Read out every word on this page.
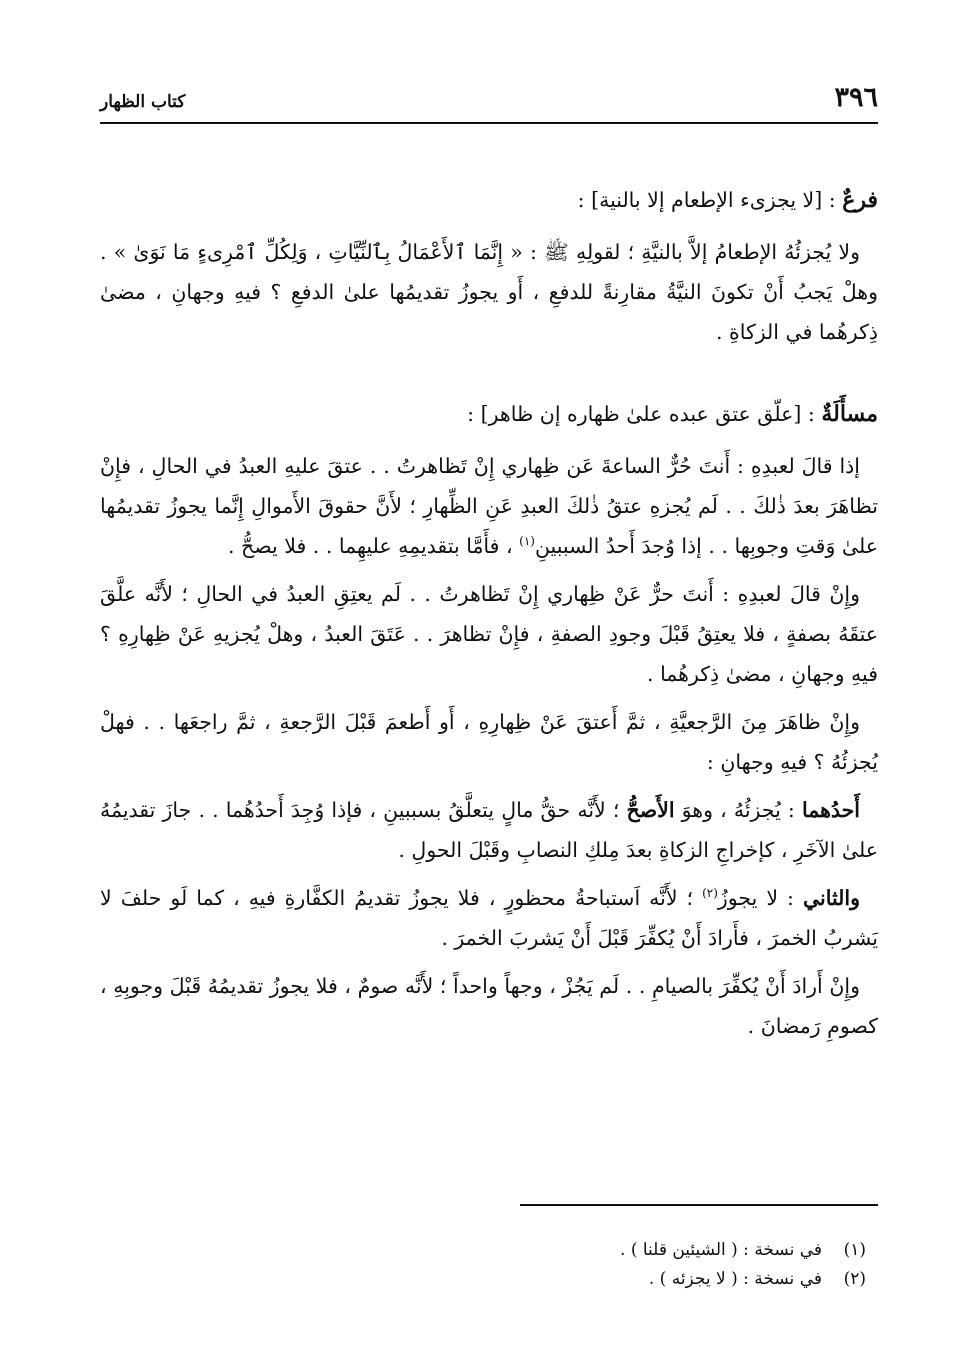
٣٩٦
كتاب الظهار

فرعٌ : [لا يجزىء الإطعام إلا بالنية] :

ولا يُجزئُهُ الإطعامُ إلاَّ بالنيَّةِ ؛ لقولِهِ ﷺ : « إِنَّمَا ٱلأَعْمَالُ بِٱلنِّيَّاتِ ، وَلِكُلِّ ٱمْرِىءٍ مَا نَوَىٰ » . وهلْ يَجبُ أَنْ تكونَ النيَّةُ مقارِنةً للدفعِ ، أَو يجوزُ تقديمُها علىٰ الدفعِ ؟ فيهِ وجهانِ ، مضىٰ ذِكرهُما في الزكاةِ .

مسأَلَةٌ : [علّق عتق عبده علىٰ ظهاره إن ظاهر] :

إذا قالَ لعبدِهِ : أَنتَ حُرٌّ الساعةَ عَن ظِهاري إِنْ تَظاهرتُ . . عتقَ عليهِ العبدُ في الحالِ ، فإِنْ تظاهَرَ بعدَ ذٰلكَ . . لَم يُجزهِ عتقُ ذٰلكَ العبدِ عَنِ الظِّهارِ ؛ لأَنَّ حقوقَ الأَموالِ إِنَّما يجوزُ تقديمُها علىٰ وَقتِ وجوبِها . . إذا وُجدَ أَحدُ السببينِ$^{(١)}$ ، فأَمَّا بتقديمِهِ عليهِما . . فلا يصحُّ .

وإِنْ قالَ لعبدِهِ : أَنتَ حرٌّ عَنْ ظِهاري إِنْ تَظاهرتُ . . لَم يعتِقِ العبدُ في الحالِ ؛ لأَنَّه علَّقَ عتقَهُ بصفةٍ ، فلا يعتِقُ قَبْلَ وجودِ الصفةِ ، فإِنْ تظاهرَ . . عَتَقَ العبدُ ، وهلْ يُجزيهِ عَنْ ظِهارِهِ ؟ فيهِ وجهانِ ، مضىٰ ذِكرهُما .

وإِنْ ظاهَرَ مِنَ الرَّجعيَّةِ ، ثمَّ أَعتقَ عَنْ ظِهارِهِ ، أَو أَطعمَ قَبْلَ الرَّجعةِ ، ثمَّ راجعَها . . فهلْ يُجزئُهُ ؟ فيهِ وجهانِ :

أَحدُهما : يُجزئُهُ ، وهوَ الأَصحُّ ؛ لأَنَّه حقُّ مالٍ يتعلَّقُ بسببينِ ، فإذا وُجِدَ أَحدُهُما . . جازَ تقديمُهُ علىٰ الآخَرِ ، كإخراجِ الزكاةِ بعدَ مِلكِ النصابِ وقَبْلَ الحولِ .

والثاني : لا يجوزُ$^{(٢)}$ ؛ لأَنَّه اَستباحةُ محظورٍ ، فلا يجوزُ تقديمُ الكفَّارةِ فيهِ ، كما لَو حلفَ لا يَشربُ الخمرَ ، فأَرادَ أَنْ يُكفِّرَ قَبْلَ أَنْ يَشربَ الخمرَ .

وإِنْ أَرادَ أَنْ يُكفِّرَ بالصيامِ . . لَم يَجُزْ ، وجهاً واحداً ؛ لأَنَّه صومٌ ، فلا يجوزُ تقديمُهُ قَبْلَ وجوبِهِ ، كصومِ رَمضانَ .

(١)في نسخة : ( الشيئين قلنا ) .

(٢)في نسخة : ( لا يجزئه ) .
